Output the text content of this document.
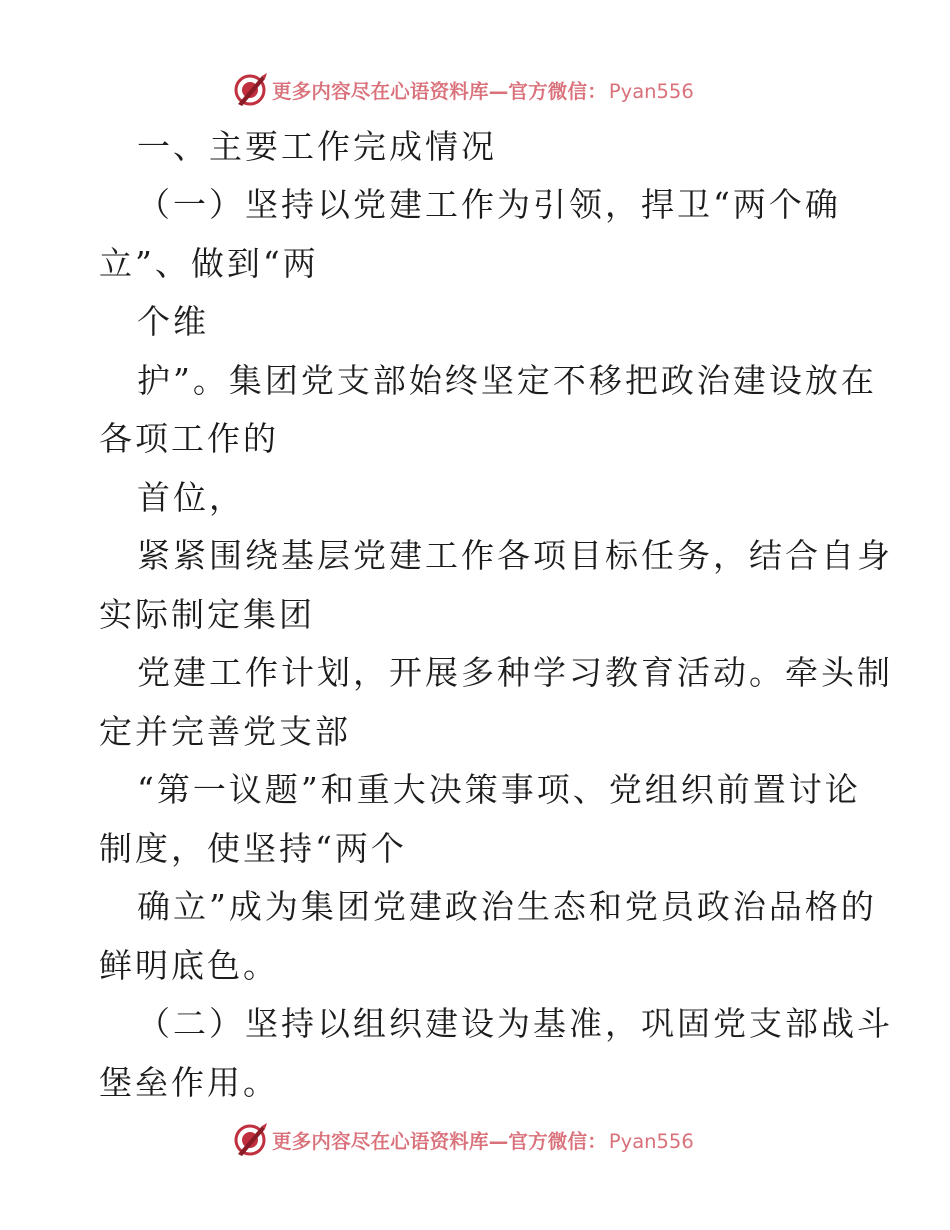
更多内容尽在心语资料库—官方微信： Pyan556
一、主要工作完成情况
（一）坚持以党建工作为引领，捍卫“两个确
立”、做到“两
个维
护”。集团党支部始终坚定不移把政治建设放在
各项工作的
首位，
紧紧围绕基层党建工作各项目标任务，结合自身
实际制定集团
党建工作计划，开展多种学习教育活动。牵头制
定并完善党支部
“第一议题”和重大决策事项、党组织前置讨论
制度，使坚持“两个
确立”成为集团党建政治生态和党员政治品格的
鲜明底色。
（二）坚持以组织建设为基准，巩固党支部战斗
堡垒作用。
更多内容尽在心语资料库—官方微信： Pyan556
